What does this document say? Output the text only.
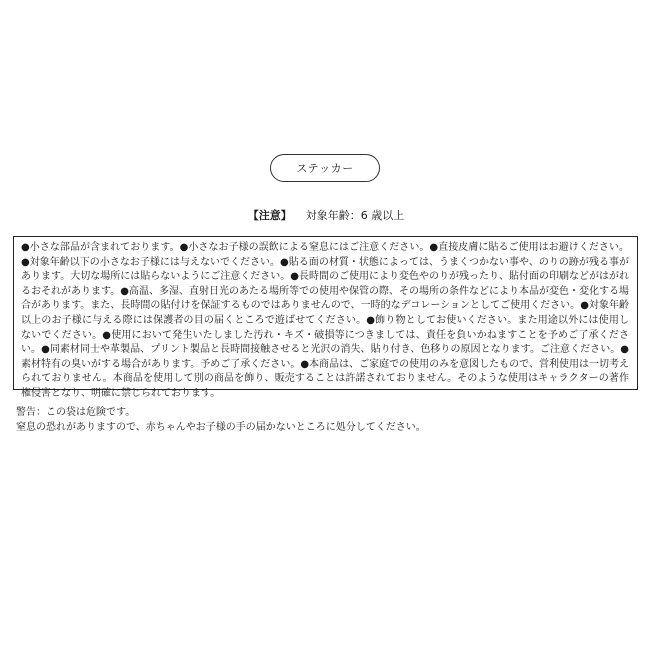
ステッカー
【注意】 対象年齢：6 歳以上
●小さな部品が含まれております。●小さなお子様の誤飲による窒息にはご注意ください。●直接皮膚に貼るご使用はお避けください。●対象年齢以下の小さなお子様には与えないでください。●貼る面の材質・状態によっては、うまくつかない事や、のりの跡が残る事があります。大切な場所には貼らないようにご注意ください。●長時間のご使用により変色やのりが残ったり、貼付面の印刷などがはがれるおそれがあります。●高温、多湿、直射日光のあたる場所等での使用や保管の際、その場所の条件などにより本品が変色・変化する場合があります。また、長時間の貼付けを保証するものではありませんので、一時的なデコレーションとしてご使用ください。●対象年齢以上のお子様に与える際には保護者の目の届くところで遊ばせてください。●飾り物としてお使いください。また用途以外には使用しないでください。●使用において発生いたしました汚れ・キズ・破損等につきましては、責任を負いかねますことを予めご了承ください。●同素材同士や革製品、プリント製品と長時間接触させると光沢の消失、貼り付き、色移りの原因となります。ご注意ください。●素材特有の臭いがする場合があります。予めご了承ください。●本商品は、ご家庭での使用のみを意図したもので、営利使用は一切考えられておりません。本商品を使用して別の商品を飾り、販売することは許諾されておりません。そのような使用はキャラクターの著作権侵害となり、明確に禁じられております。
警告：この袋は危険です。
窒息の恐れがありますので、赤ちゃんやお子様の手の届かないところに処分してください。
